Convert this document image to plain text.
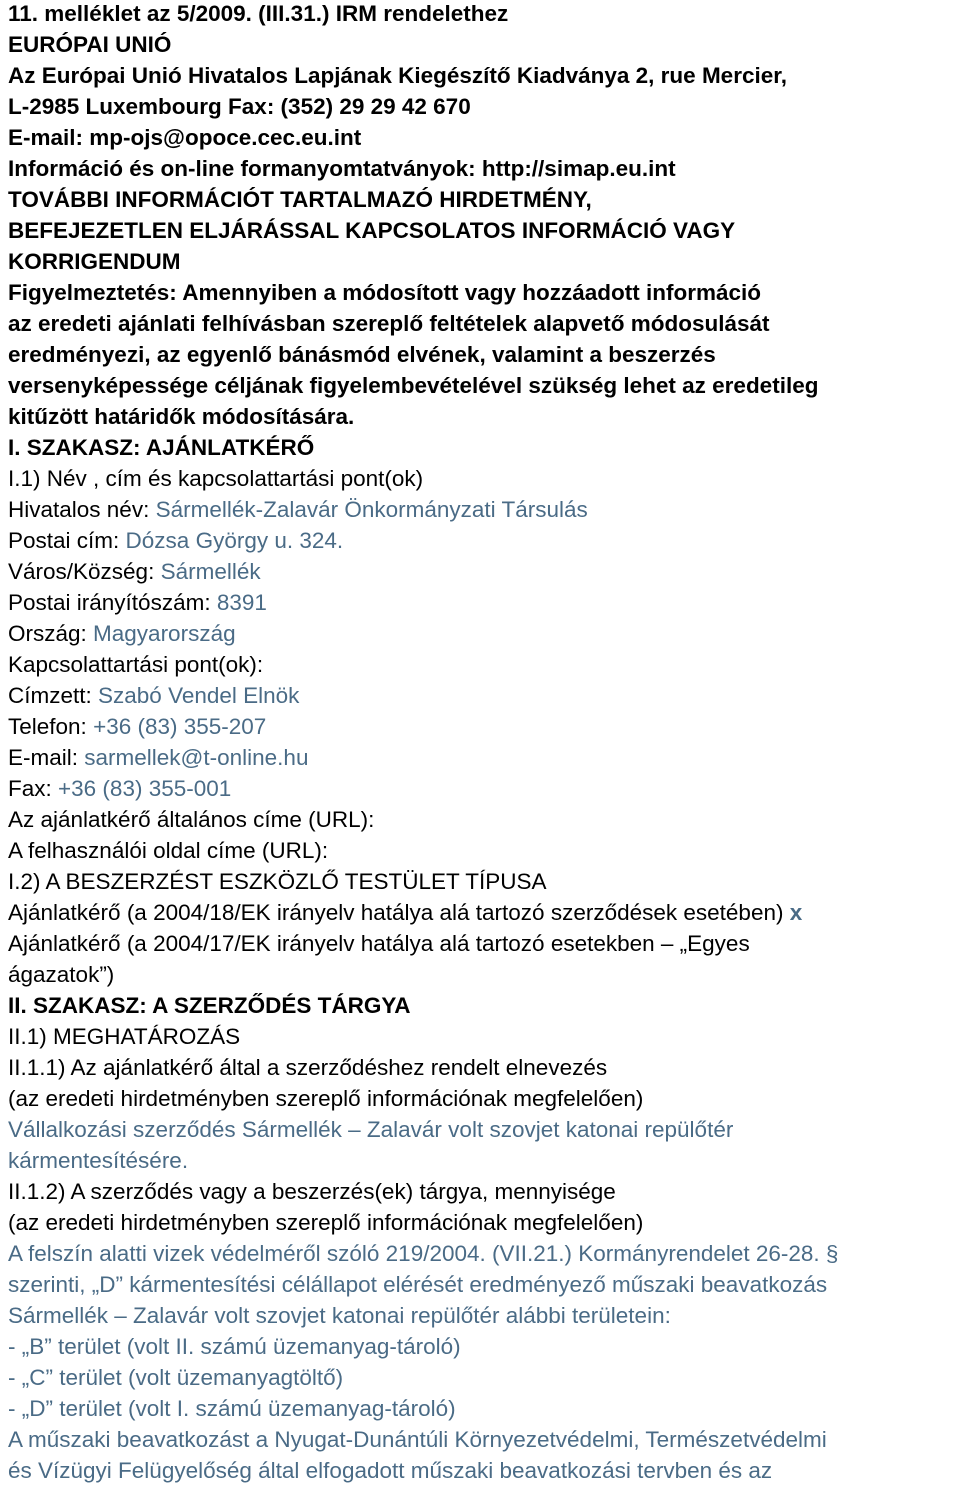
11. melléklet az 5/2009. (III.31.) IRM rendelethez
EURÓPAI UNIÓ
Az Európai Unió Hivatalos Lapjának Kiegészítő Kiadványa 2, rue Mercier,
L-2985 Luxembourg Fax: (352) 29 29 42 670
E-mail: mp-ojs@opoce.cec.eu.int
Információ és on-line formanyomtatványok: http://simap.eu.int
TOVÁBBI INFORMÁCIÓT TARTALMAZÓ HIRDETMÉNY,
BEFEJEZETLEN ELJÁRÁSSAL KAPCSOLATOS INFORMÁCIÓ VAGY
KORRIGENDUM
Figyelmeztetés: Amennyiben a módosított vagy hozzáadott információ
az eredeti ajánlati felhívásban szereplő feltételek alapvető módosulását
eredményezi, az egyenlő bánásmód elvének, valamint a beszerzés
versenyképessége céljának figyelembevételével szükség lehet az eredetileg
kitűzött határidők módosítására.
I. SZAKASZ: AJÁNLATKÉRŐ
I.1) Név , cím és kapcsolattartási pont(ok)
Hivatalos név: Sármellék-Zalavár Önkormányzati Társulás
Postai cím: Dózsa György u. 324.
Város/Község: Sármellék
Postai irányítószám: 8391
Ország: Magyarország
Kapcsolattartási pont(ok):
Címzett: Szabó Vendel Elnök
Telefon: +36 (83) 355-207
E-mail: sarmellek@t-online.hu
Fax: +36 (83) 355-001
Az ajánlatkérő általános címe (URL):
A felhasználói oldal címe (URL):
I.2) A BESZERZÉST ESZKÖZLŐ TESTÜLET TÍPUSA
Ajánlatkérő (a 2004/18/EK irányelv hatálya alá tartozó szerződések esetében) x
Ajánlatkérő (a 2004/17/EK irányelv hatálya alá tartozó esetekben – „Egyes
ágazatok”)
II. SZAKASZ: A SZERZŐDÉS TÁRGYA
II.1) MEGHATÁROZÁS
II.1.1) Az ajánlatkérő által a szerződéshez rendelt elnevezés
(az eredeti hirdetményben szereplő információnak megfelelően)
Vállalkozási szerződés Sármellék – Zalavár volt szovjet katonai repülőtér
kármentesítésére.
II.1.2) A szerződés vagy a beszerzés(ek) tárgya, mennyisége
(az eredeti hirdetményben szereplő információnak megfelelően)
A felszín alatti vizek védelméről szóló 219/2004. (VII.21.) Kormányrendelet 26-28. §
szerinti, „D” kármentesítési célállapot elérését eredményező műszaki beavatkozás
Sármellék – Zalavár volt szovjet katonai repülőtér alábbi területein:
- „B” terület (volt II. számú üzemanyag-tároló)
- „C” terület (volt üzemanyagtöltő)
- „D” terület (volt I. számú üzemanyag-tároló)
A műszaki beavatkozást a Nyugat-Dunántúli Környezetvédelmi, Természetvédelmi
és Vízügyi Felügyelőség által elfogadott műszaki beavatkozási tervben és az
